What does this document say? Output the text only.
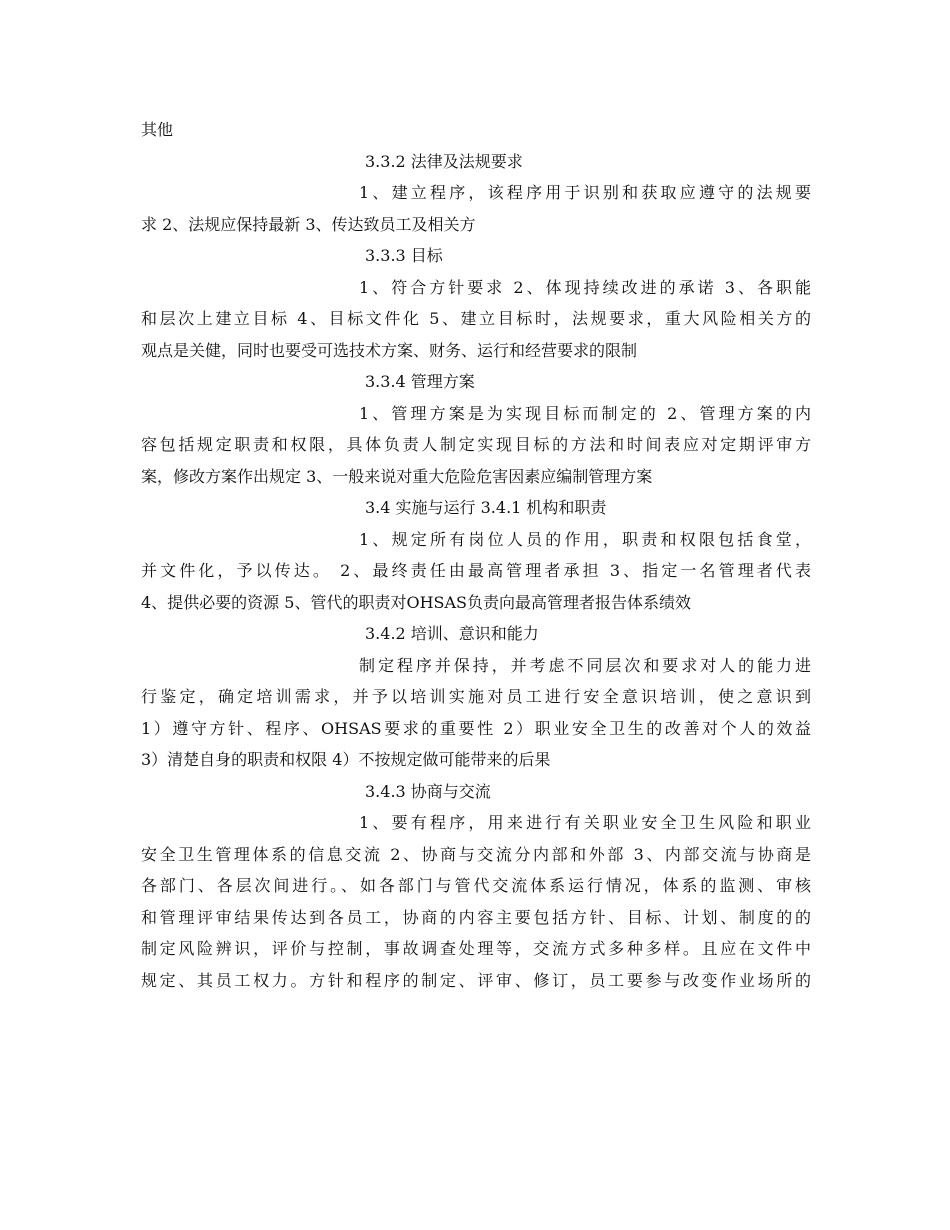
其他
3.3.2 法律及法规要求
1、建立程序，该程序用于识别和获取应遵守的法规要
求 2、法规应保持最新 3、传达致员工及相关方
3.3.3 目标
1、符合方针要求 2、体现持续改进的承诺 3、各职能
和层次上建立目标 4、目标文件化 5、建立目标时，法规要求，重大风险相关方的
观点是关健，同时也要受可选技术方案、财务、运行和经营要求的限制
3.3.4 管理方案
1、管理方案是为实现目标而制定的 2、管理方案的内
容包括规定职责和权限，具体负责人制定实现目标的方法和时间表应对定期评审方
案，修改方案作出规定 3、一般来说对重大危险危害因素应编制管理方案
3.4 实施与运行 3.4.1 机构和职责
1、规定所有岗位人员的作用，职责和权限包括食堂，
并文件化，予以传达。 2、最终责任由最高管理者承担 3、指定一名管理者代表
4、提供必要的资源 5、管代的职责对OHSAS负责向最高管理者报告体系绩效
3.4.2 培训、意识和能力
制定程序并保持，并考虑不同层次和要求对人的能力进
行鉴定，确定培训需求，并予以培训实施对员工进行安全意识培训，使之意识到
1）遵守方针、程序、OHSAS要求的重要性 2）职业安全卫生的改善对个人的效益
3）清楚自身的职责和权限 4）不按规定做可能带来的后果
3.4.3 协商与交流
1、要有程序，用来进行有关职业安全卫生风险和职业
安全卫生管理体系的信息交流 2、协商与交流分内部和外部 3、内部交流与协商是
各部门、各层次间进行。、如各部门与管代交流体系运行情况，体系的监测、审核
和管理评审结果传达到各员工，协商的内容主要包括方针、目标、计划、制度的的
制定风险辨识，评价与控制，事故调查处理等，交流方式多种多样。且应在文件中
规定、其员工权力。方针和程序的制定、评审、修订，员工要参与改变作业场所的
